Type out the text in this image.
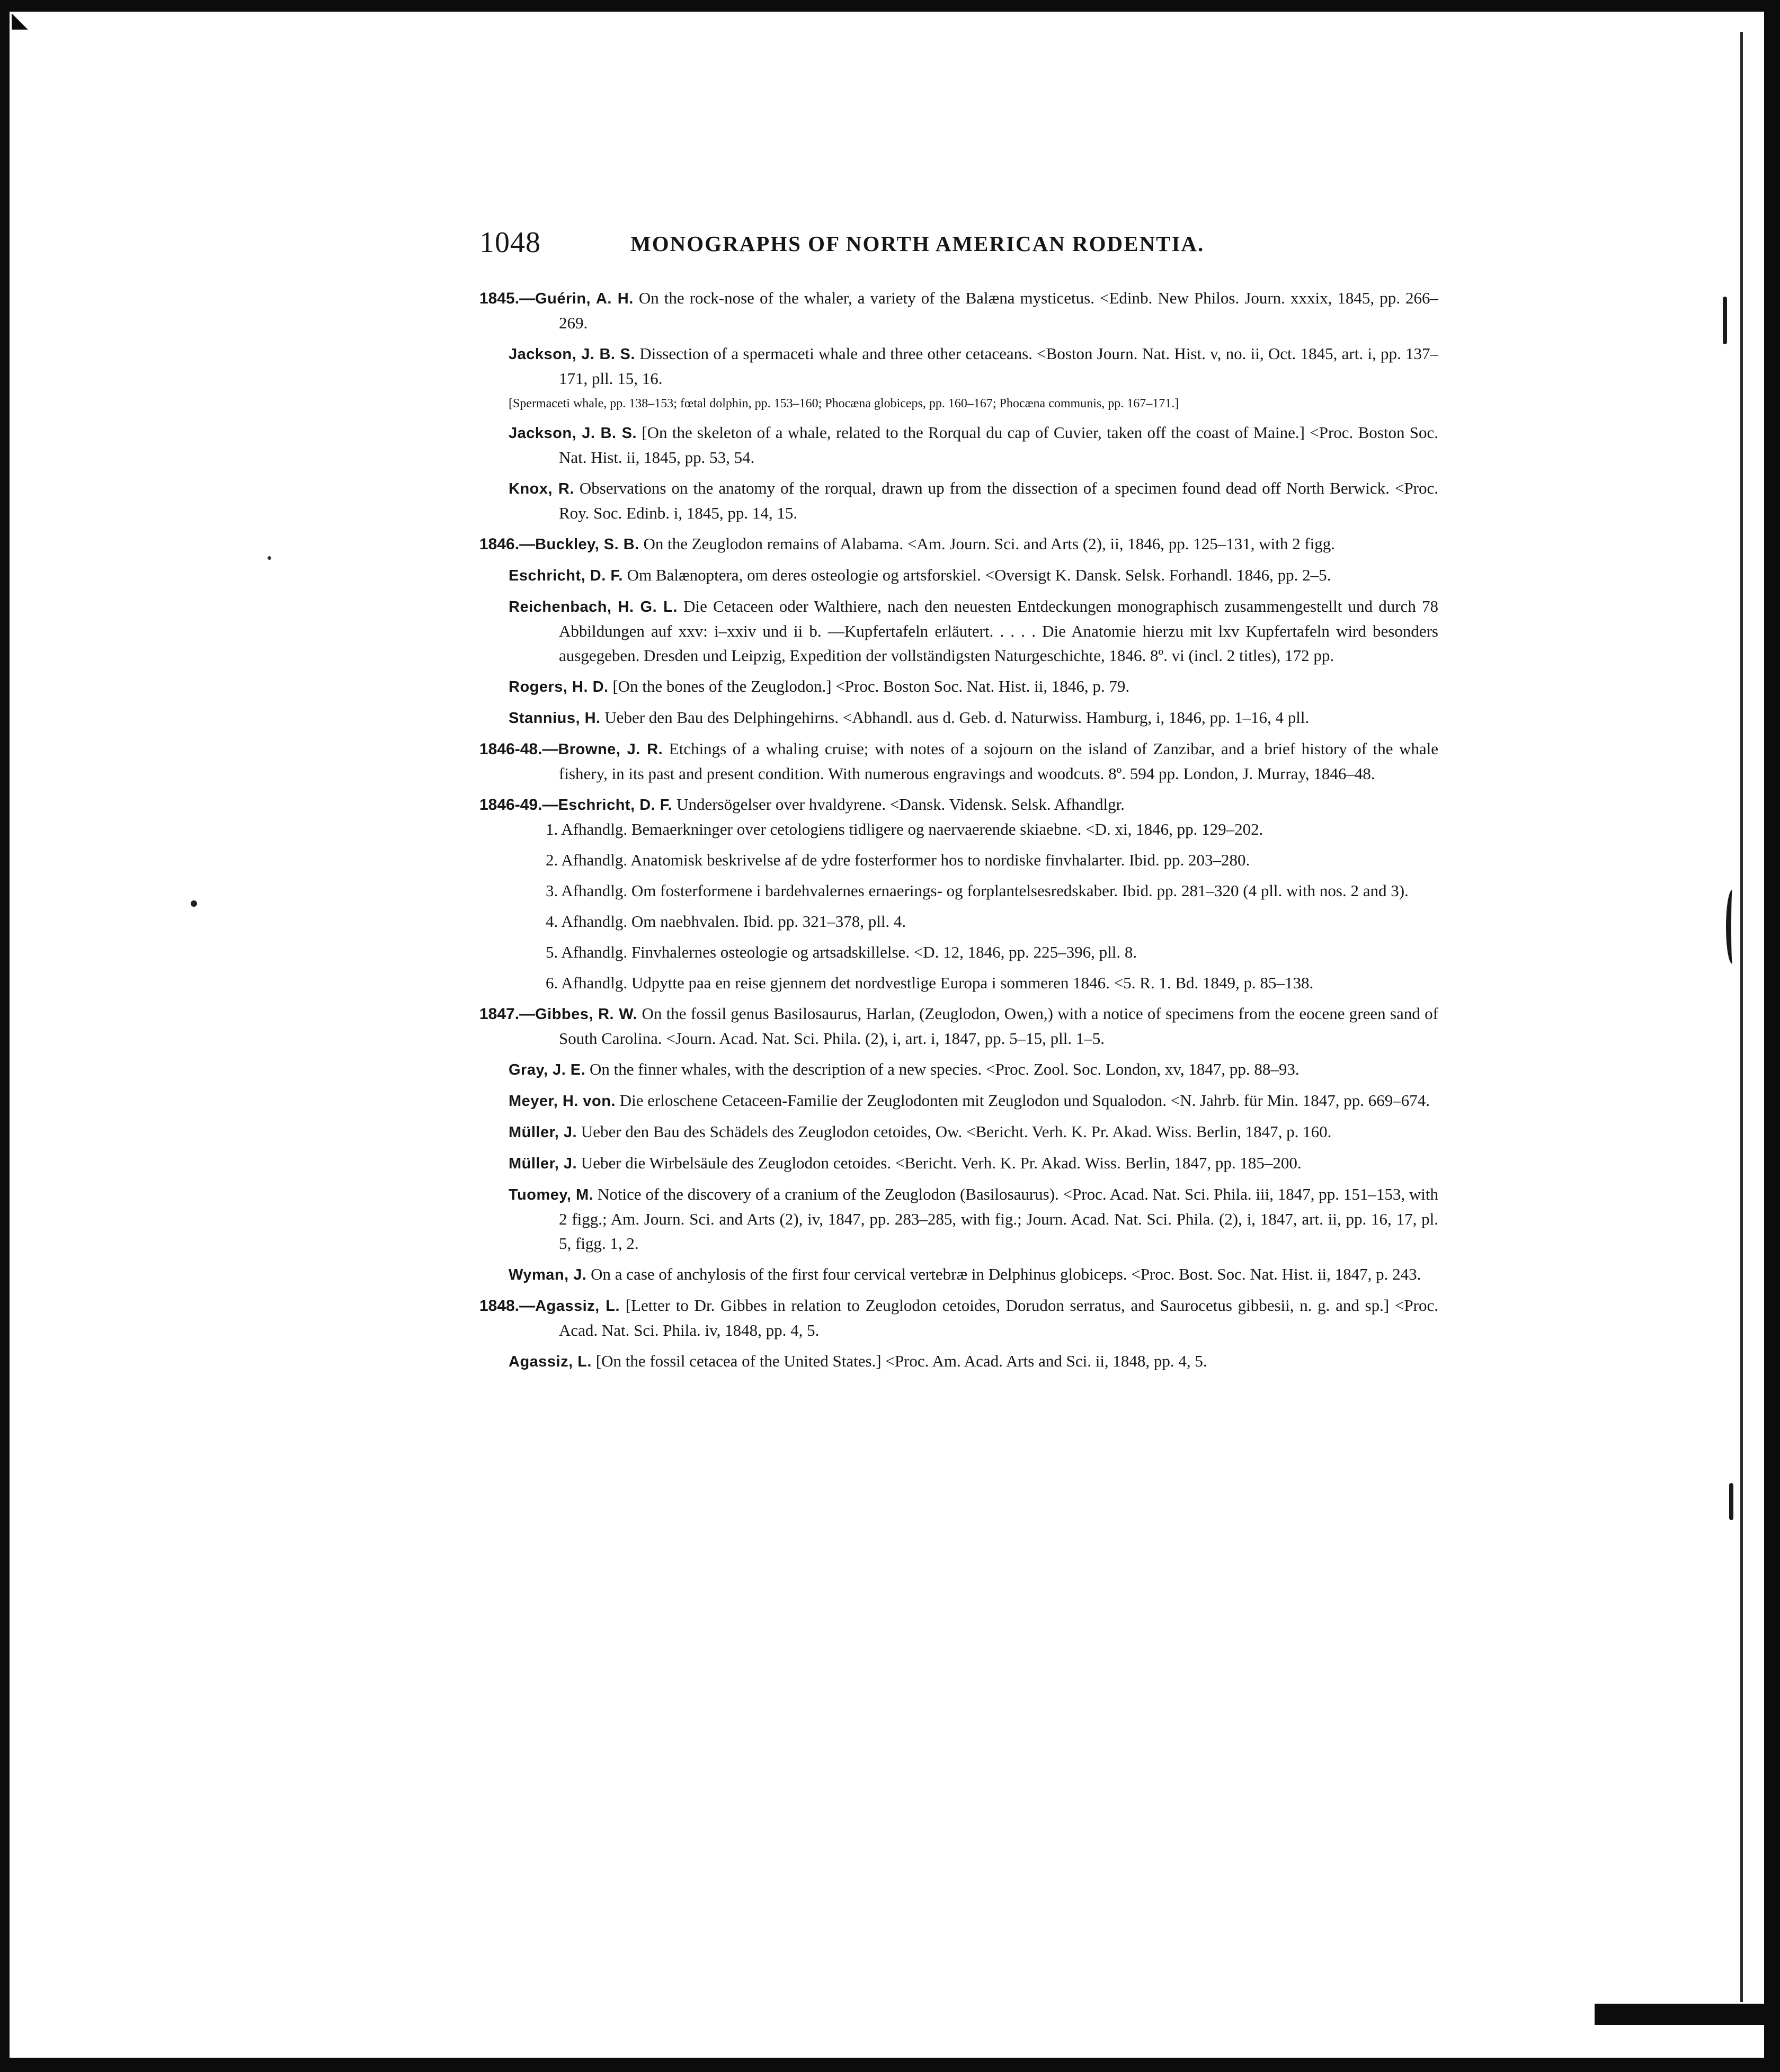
◣
1048	MONOGRAPHS OF NORTH AMERICAN RODENTIA.
1845.—Guérin, A. H. On the rock-nose of the whaler, a variety of the Balæna mysticetus. <Edinb. New Philos. Journ. xxxix, 1845, pp. 266–269.
Jackson, J. B. S. Dissection of a spermaceti whale and three other cetaceans. <Boston Journ. Nat. Hist. v, no. ii, Oct. 1845, art. i, pp. 137–171, pll. 15, 16.
[Spermaceti whale, pp. 138–153; fœtal dolphin, pp. 153–160; Phocæna globiceps, pp. 160–167; Phocæna communis, pp. 167–171.]
Jackson, J. B. S. [On the skeleton of a whale, related to the Rorqual du cap of Cuvier, taken off the coast of Maine.] <Proc. Boston Soc. Nat. Hist. ii, 1845, pp. 53, 54.
Knox, R. Observations on the anatomy of the rorqual, drawn up from the dissection of a specimen found dead off North Berwick. <Proc. Roy. Soc. Edinb. i, 1845, pp. 14, 15.
1846.—Buckley, S. B. On the Zeuglodon remains of Alabama. <Am. Journ. Sci. and Arts (2), ii, 1846, pp. 125–131, with 2 figg.
Eschricht, D. F. Om Balænoptera, om deres osteologie og artsforskiel. <Oversigt K. Dansk. Selsk. Forhandl. 1846, pp. 2–5.
Reichenbach, H. G. L. Die Cetaceen oder Walthiere, nach den neuesten Entdeckungen monographisch zusammengestellt und durch 78 Abbildungen auf xxv: i–xxiv und ii b. —Kupfertafeln erläutert. . . . . Die Anatomie hierzu mit lxv Kupfertafeln wird besonders ausgegeben. Dresden und Leipzig, Expedition der vollständigsten Naturgeschichte, 1846. 8º. vi (incl. 2 titles), 172 pp.
Rogers, H. D. [On the bones of the Zeuglodon.] <Proc. Boston Soc. Nat. Hist. ii, 1846, p. 79.
Stannius, H. Ueber den Bau des Delphingehirns. <Abhandl. aus d. Geb. d. Naturwiss. Hamburg, i, 1846, pp. 1–16, 4 pll.
1846-48.—Browne, J. R. Etchings of a whaling cruise; with notes of a sojourn on the island of Zanzibar, and a brief history of the whale fishery, in its past and present condition. With numerous engravings and woodcuts. 8º. 594 pp. London, J. Murray, 1846–48.
1846-49.—Eschricht, D. F. Undersögelser over hvaldyrene. <Dansk. Vidensk. Selsk. Afhandlgr.
1. Afhandlg. Bemaerkninger over cetologiens tidligere og naervaerende skiaebne. <D. xi, 1846, pp. 129–202.
2. Afhandlg. Anatomisk beskrivelse af de ydre fosterformer hos to nordiske finvhalarter. Ibid. pp. 203–280.
3. Afhandlg. Om fosterformene i bardehvalernes ernaerings- og forplantelsesredskaber. Ibid. pp. 281–320 (4 pll. with nos. 2 and 3).
4. Afhandlg. Om naebhvalen. Ibid. pp. 321–378, pll. 4.
5. Afhandlg. Finvhalernes osteologie og artsadskillelse. <D. 12, 1846, pp. 225–396, pll. 8.
6. Afhandlg. Udpytte paa en reise gjennem det nordvestlige Europa i sommeren 1846. <5. R. 1. Bd. 1849, p. 85–138.
1847.—Gibbes, R. W. On the fossil genus Basilosaurus, Harlan, (Zeuglodon, Owen,) with a notice of specimens from the eocene green sand of South Carolina. <Journ. Acad. Nat. Sci. Phila. (2), i, art. i, 1847, pp. 5–15, pll. 1–5.
Gray, J. E. On the finner whales, with the description of a new species. <Proc. Zool. Soc. London, xv, 1847, pp. 88–93.
Meyer, H. von. Die erloschene Cetaceen-Familie der Zeuglodonten mit Zeuglodon und Squalodon. <N. Jahrb. für Min. 1847, pp. 669–674.
Müller, J. Ueber den Bau des Schädels des Zeuglodon cetoides, Ow. <Bericht. Verh. K. Pr. Akad. Wiss. Berlin, 1847, p. 160.
Müller, J. Ueber die Wirbelsäule des Zeuglodon cetoides. <Bericht. Verh. K. Pr. Akad. Wiss. Berlin, 1847, pp. 185–200.
Tuomey, M. Notice of the discovery of a cranium of the Zeuglodon (Basilosaurus). <Proc. Acad. Nat. Sci. Phila. iii, 1847, pp. 151–153, with 2 figg.; Am. Journ. Sci. and Arts (2), iv, 1847, pp. 283–285, with fig.; Journ. Acad. Nat. Sci. Phila. (2), i, 1847, art. ii, pp. 16, 17, pl. 5, figg. 1, 2.
Wyman, J. On a case of anchylosis of the first four cervical vertebræ in Delphinus globiceps. <Proc. Bost. Soc. Nat. Hist. ii, 1847, p. 243.
1848.—Agassiz, L. [Letter to Dr. Gibbes in relation to Zeuglodon cetoides, Dorudon serratus, and Saurocetus gibbesii, n. g. and sp.] <Proc. Acad. Nat. Sci. Phila. iv, 1848, pp. 4, 5.
Agassiz, L. [On the fossil cetacea of the United States.] <Proc. Am. Acad. Arts and Sci. ii, 1848, pp. 4, 5.
